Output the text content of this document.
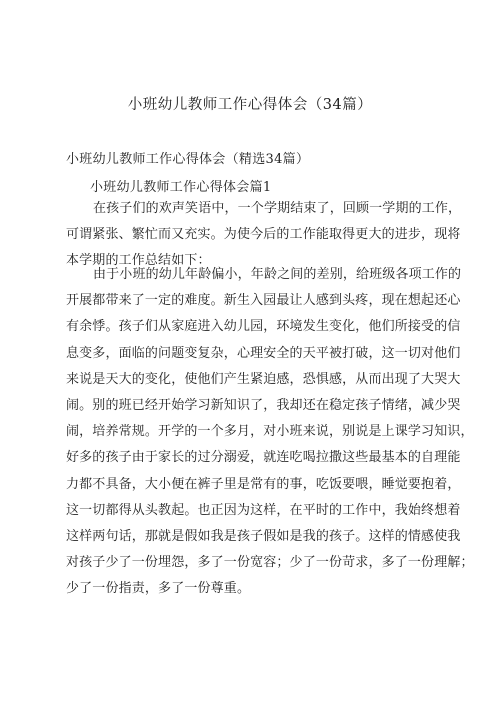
小班幼儿教师工作心得体会（34篇）
小班幼儿教师工作心得体会（精选34篇）
小班幼儿教师工作心得体会篇1
在孩子们的欢声笑语中，一个学期结束了，回顾一学期的工作，
可谓紧张、繁忙而又充实。为使今后的工作能取得更大的进步，现将
本学期的工作总结如下：
由于小班的幼儿年龄偏小，年龄之间的差别，给班级各项工作的
开展都带来了一定的难度。新生入园最让人感到头疼，现在想起还心
有余悸。孩子们从家庭进入幼儿园，环境发生变化，他们所接受的信
息变多，面临的问题变复杂，心理安全的天平被打破，这一切对他们
来说是天大的变化，使他们产生紧迫感，恐惧感，从而出现了大哭大
闹。别的班已经开始学习新知识了，我却还在稳定孩子情绪，减少哭
闹，培养常规。开学的一个多月，对小班来说，别说是上课学习知识，
好多的孩子由于家长的过分溺爱，就连吃喝拉撒这些最基本的自理能
力都不具备，大小便在裤子里是常有的事，吃饭要喂，睡觉要抱着，
这一切都得从头教起。也正因为这样，在平时的工作中，我始终想着
这样两句话，那就是假如我是孩子假如是我的孩子。这样的情感使我
对孩子少了一份埋怨，多了一份宽容；少了一份苛求，多了一份理解；
少了一份指责，多了一份尊重。
